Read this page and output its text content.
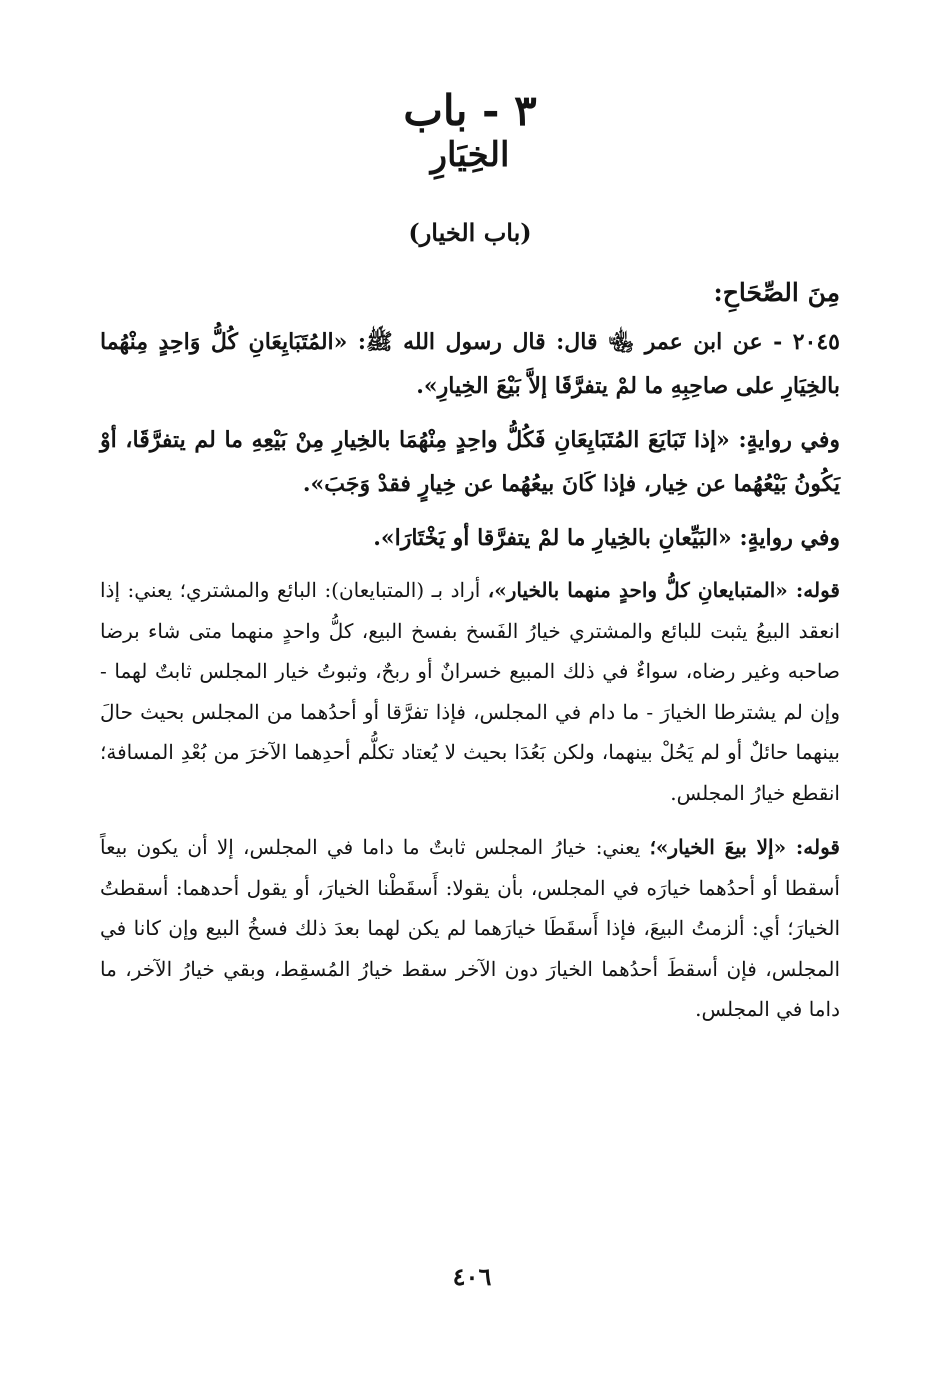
٣ - باب
الخِيَارِ
(باب الخيار)
مِنَ الصِّحَاحِ:

٢٠٤٥ - عن ابن عمر ﵄ قال: قال رسول الله ﷺ: «المُتَبَايِعَانِ كُلُّ وَاحِدٍ مِنْهُما بالخِيَارِ على صاحِبِهِ ما لمْ يتفرَّقَا إلاَّ بَيْعَ الخِيارِ».

وفي روايةٍ: «إذا تَبَايَعَ المُتَبَايِعَانِ فَكُلُّ واحِدٍ مِنْهُمَا بالخِيارِ مِنْ بَيْعِهِ ما لم يتفرَّقَا، أوْ يَكُونُ بَيْعُهُما عن خِيار، فإذا كَانَ بيعُهُما عن خِيارٍ فقدْ وَجَبَ».

وفي روايةٍ: «البَيِّعانِ بالخِيارِ ما لمْ يتفرَّقا أو يَخْتَارَا».

قوله: «المتبايعانِ كلُّ واحدٍ منهما بالخيار»، أراد بـ (المتبايعان): البائع والمشتري؛ يعني: إذا انعقد البيعُ يثبت للبائع والمشتري خيارُ الفَسخ بفسخ البيع، كلُّ واحدٍ منهما متى شاء برضا صاحبه وغير رضاه، سواءٌ في ذلك المبيع خسرانٌ أو ربحٌ، وثبوتُ خيار المجلس ثابتٌ لهما - وإن لم يشترطا الخيارَ - ما دام في المجلس، فإذا تفرَّقا أو أحدُهما من المجلس بحيث حالَ بينهما حائلٌ أو لم يَحُلْ بينهما، ولكن بَعُدَا بحيث لا يُعتاد تكلُّم أحدِهما الآخرَ من بُعْدِ المسافة؛ انقطع خيارُ المجلس.

قوله: «إلا بيعَ الخيار»؛ يعني: خيارُ المجلس ثابتٌ ما داما في المجلس، إلا أن يكون بيعاً أسقطا أو أحدُهما خيارَه في المجلس، بأن يقولا: أَسقَطْنا الخيارَ، أو يقول أحدهما: أسقطتُ الخيارَ؛ أي: ألزمتُ البيعَ، فإذا أَسقَطَا خيارَهما لم يكن لهما بعدَ ذلك فسخُ البيع وإن كانا في المجلس، فإن أسقطَ أحدُهما الخيارَ دون الآخر سقط خيارُ المُسقِط، وبقي خيارُ الآخر، ما داما في المجلس.

٤٠٦
